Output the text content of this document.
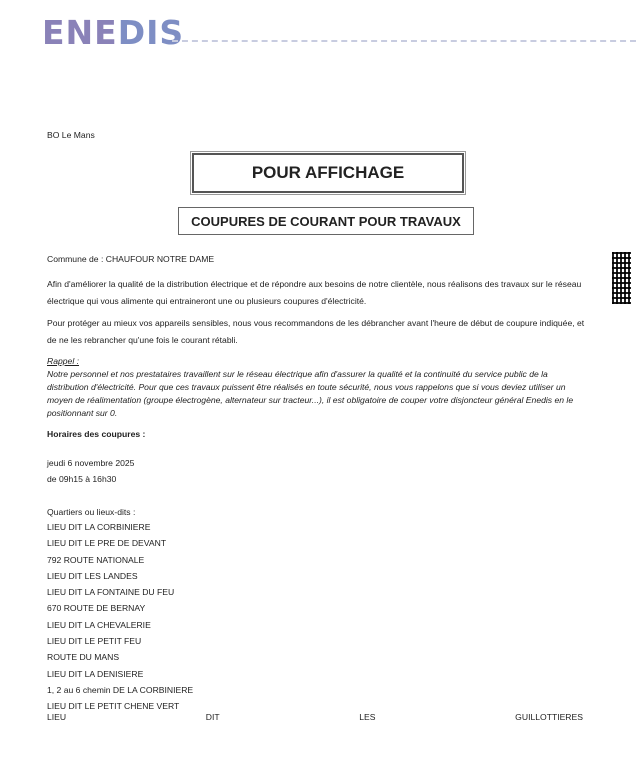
ENEDIS
BO Le Mans
POUR AFFICHAGE
COUPURES DE COURANT POUR TRAVAUX
Commune de : CHAUFOUR NOTRE DAME
Afin d'améliorer la qualité de la distribution électrique et de répondre aux besoins de notre clientèle, nous réalisons des travaux sur le réseau électrique qui vous alimente qui entraineront une ou plusieurs coupures d'électricité.
Pour protéger au mieux vos appareils sensibles, nous vous recommandons de les débrancher avant l'heure de début de coupure indiquée, et de ne les rebrancher qu'une fois le courant rétabli.
Rappel :
Notre personnel et nos prestataires travaillent sur le réseau électrique afin d'assurer la qualité et la continuité du service public de la distribution d'électricité. Pour que ces travaux puissent être réalisés en toute sécurité, nous vous rappelons que si vous deviez utiliser un moyen de réalimentation (groupe électrogène, alternateur sur tracteur...), il est obligatoire de couper votre disjoncteur général Enedis en le positionnant sur 0.
Horaires des coupures :
jeudi 6 novembre 2025
de 09h15 à 16h30
Quartiers ou lieux-dits :
LIEU DIT LA CORBINIERE
LIEU DIT LE PRE DE DEVANT
792 ROUTE NATIONALE
LIEU DIT LES LANDES
LIEU DIT LA FONTAINE DU FEU
670 ROUTE DE BERNAY
LIEU DIT LA CHEVALERIE
LIEU DIT LE PETIT FEU
ROUTE DU MANS
LIEU DIT LA DENISIERE
1, 2 au 6 chemin DE LA CORBINIERE
LIEU DIT LE PETIT CHENE VERT
LIEU	DIT	LES	GUILLOTTIERES
